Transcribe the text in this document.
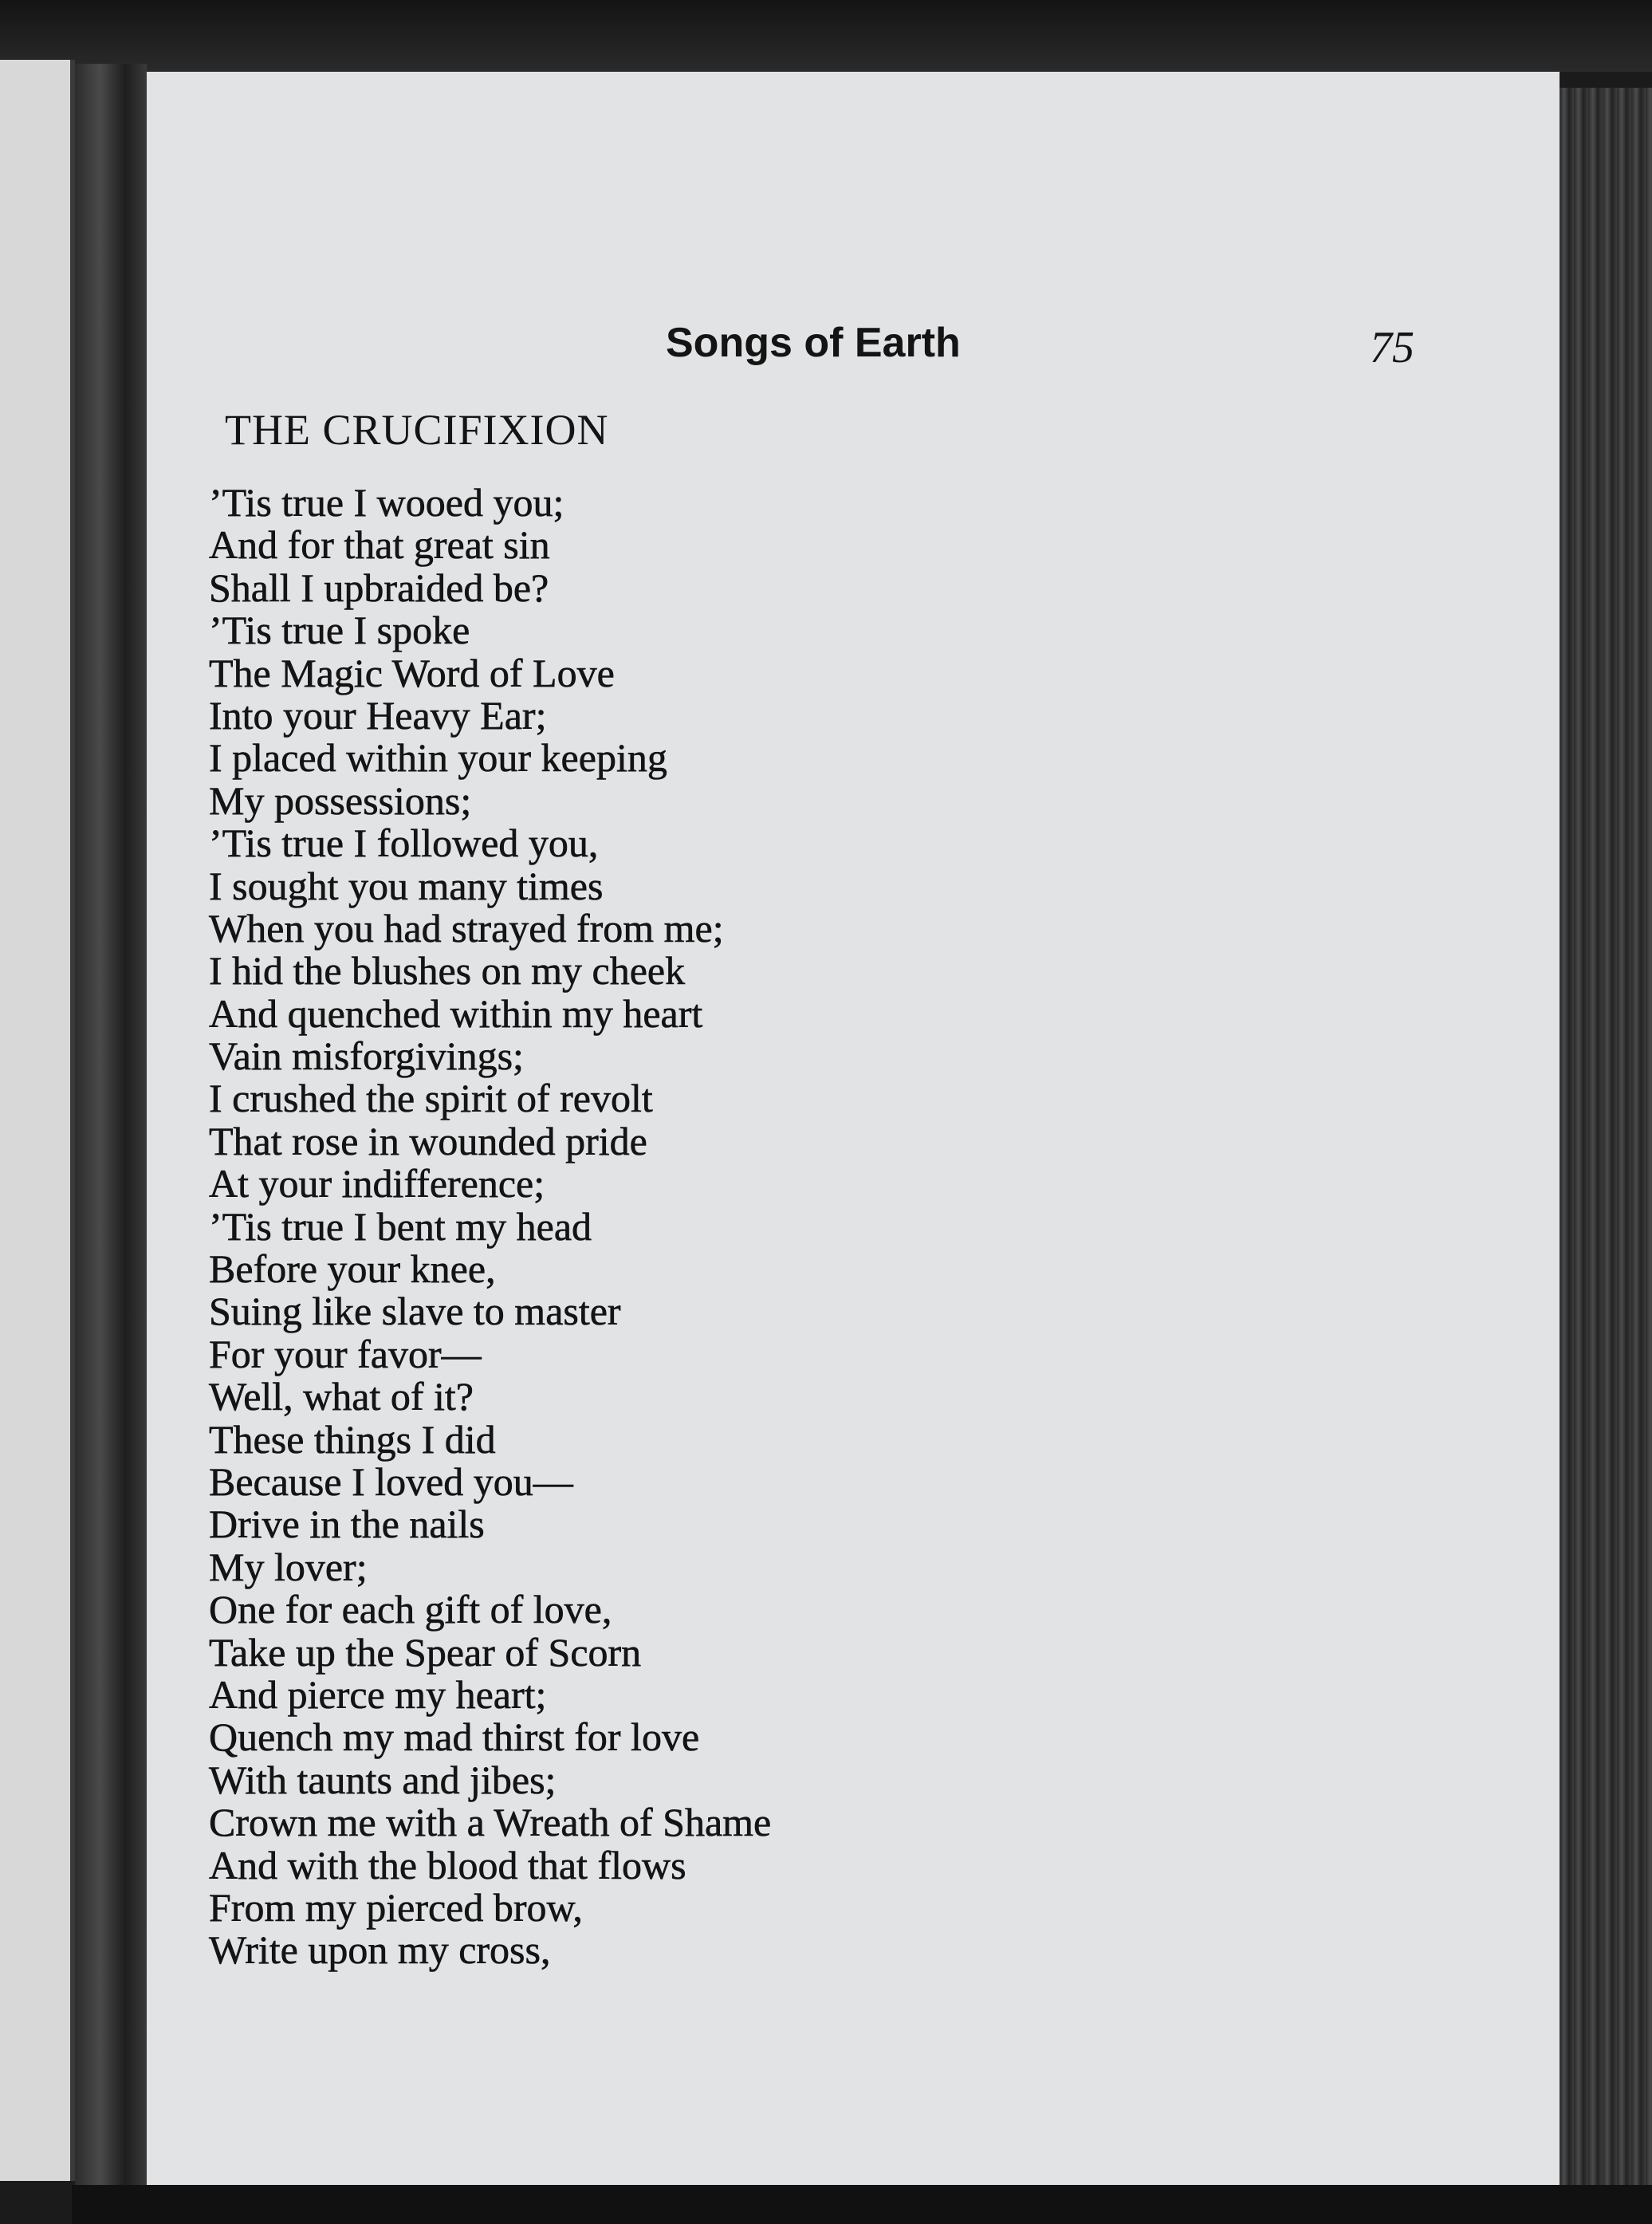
Songs of Earth	75
THE CRUCIFIXION
’Tis true I wooed you;
And for that great sin
Shall I upbraided be?
’Tis true I spoke
The Magic Word of Love
Into your Heavy Ear;
I placed within your keeping
My possessions;
’Tis true I followed you,
I sought you many times
When you had strayed from me;
I hid the blushes on my cheek
And quenched within my heart
Vain misforgivings;
I crushed the spirit of revolt
That rose in wounded pride
At your indifference;
’Tis true I bent my head
Before your knee,
Suing like slave to master
For your favor—
Well, what of it?
These things I did
Because I loved you—
Drive in the nails
My lover;
One for each gift of love,
Take up the Spear of Scorn
And pierce my heart;
Quench my mad thirst for love
With taunts and jibes;
Crown me with a Wreath of Shame
And with the blood that flows
From my pierced brow,
Write upon my cross,
